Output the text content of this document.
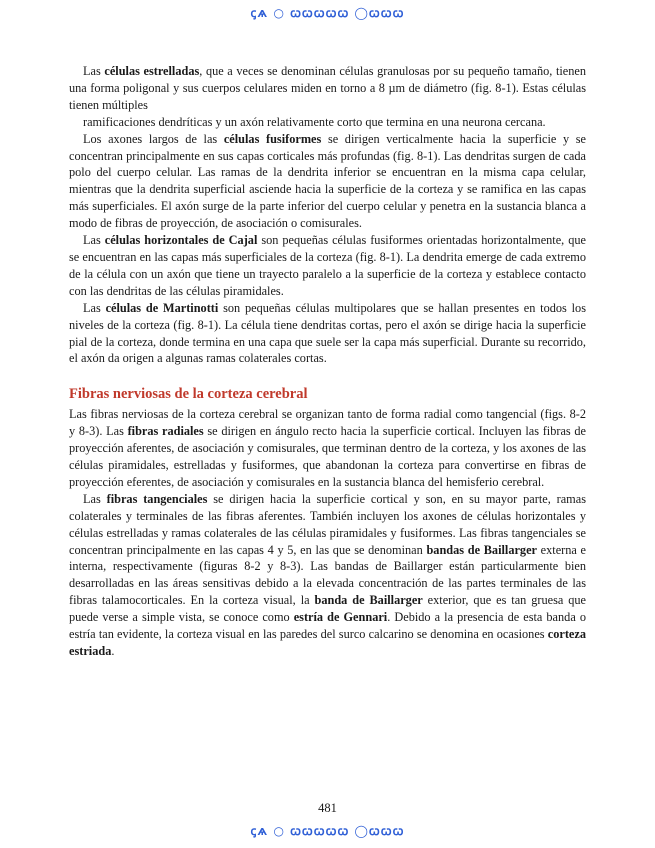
ꞔѧ ○ ꞷꞷꞷꞷꞷ ◯ꞷꞷꞷ

Las células estrelladas, que a veces se denominan células granulosas por su pequeño tamaño, tienen una forma poligonal y sus cuerpos celulares miden en torno a 8 µm de diámetro (fig. 8-1). Estas células tienen múltiples

ramificaciones dendríticas y un axón relativamente corto que termina en una neurona cercana.

Los axones largos de las células fusiformes se dirigen verticalmente hacia la superficie y se concentran principalmente en sus capas corticales más profundas (fig. 8-1). Las dendritas surgen de cada polo del cuerpo celular. Las ramas de la dendrita inferior se encuentran en la misma capa celular, mientras que la dendrita superficial asciende hacia la superficie de la corteza y se ramifica en las capas más superficiales. El axón surge de la parte inferior del cuerpo celular y penetra en la sustancia blanca a modo de fibras de proyección, de asociación o comisurales.

Las células horizontales de Cajal son pequeñas células fusiformes orientadas horizontalmente, que se encuentran en las capas más superficiales de la corteza (fig. 8-1). La dendrita emerge de cada extremo de la célula con un axón que tiene un trayecto paralelo a la superficie de la corteza y establece contacto con las dendritas de las células piramidales.

Las células de Martinotti son pequeñas células multipolares que se hallan presentes en todos los niveles de la corteza (fig. 8-1). La célula tiene dendritas cortas, pero el axón se dirige hacia la superficie pial de la corteza, donde termina en una capa que suele ser la capa más superficial. Durante su recorrido, el axón da origen a algunas ramas colaterales cortas.

Fibras nerviosas de la corteza cerebral

Las fibras nerviosas de la corteza cerebral se organizan tanto de forma radial como tangencial (figs. 8-2 y 8-3). Las fibras radiales se dirigen en ángulo recto hacia la superficie cortical. Incluyen las fibras de proyección aferentes, de asociación y comisurales, que terminan dentro de la corteza, y los axones de las células piramidales, estrelladas y fusiformes, que abandonan la corteza para convertirse en fibras de proyección eferentes, de asociación y comisurales en la sustancia blanca del hemisferio cerebral.

Las fibras tangenciales se dirigen hacia la superficie cortical y son, en su mayor parte, ramas colaterales y terminales de las fibras aferentes. También incluyen los axones de células horizontales y células estrelladas y ramas colaterales de las células piramidales y fusiformes. Las fibras tangenciales se concentran principalmente en las capas 4 y 5, en las que se denominan bandas de Baillarger externa e interna, respectivamente (figuras 8-2 y 8-3). Las bandas de Baillarger están particularmente bien desarrolladas en las áreas sensitivas debido a la elevada concentración de las partes terminales de las fibras talamocorticales. En la corteza visual, la banda de Baillarger exterior, que es tan gruesa que puede verse a simple vista, se conoce como estría de Gennari. Debido a la presencia de esta banda o estría tan evidente, la corteza visual en las paredes del surco calcarino se denomina en ocasiones corteza estriada.

481
ꞔѧ ○ ꞷꞷꞷꞷꞷ ◯ꞷꞷꞷ
